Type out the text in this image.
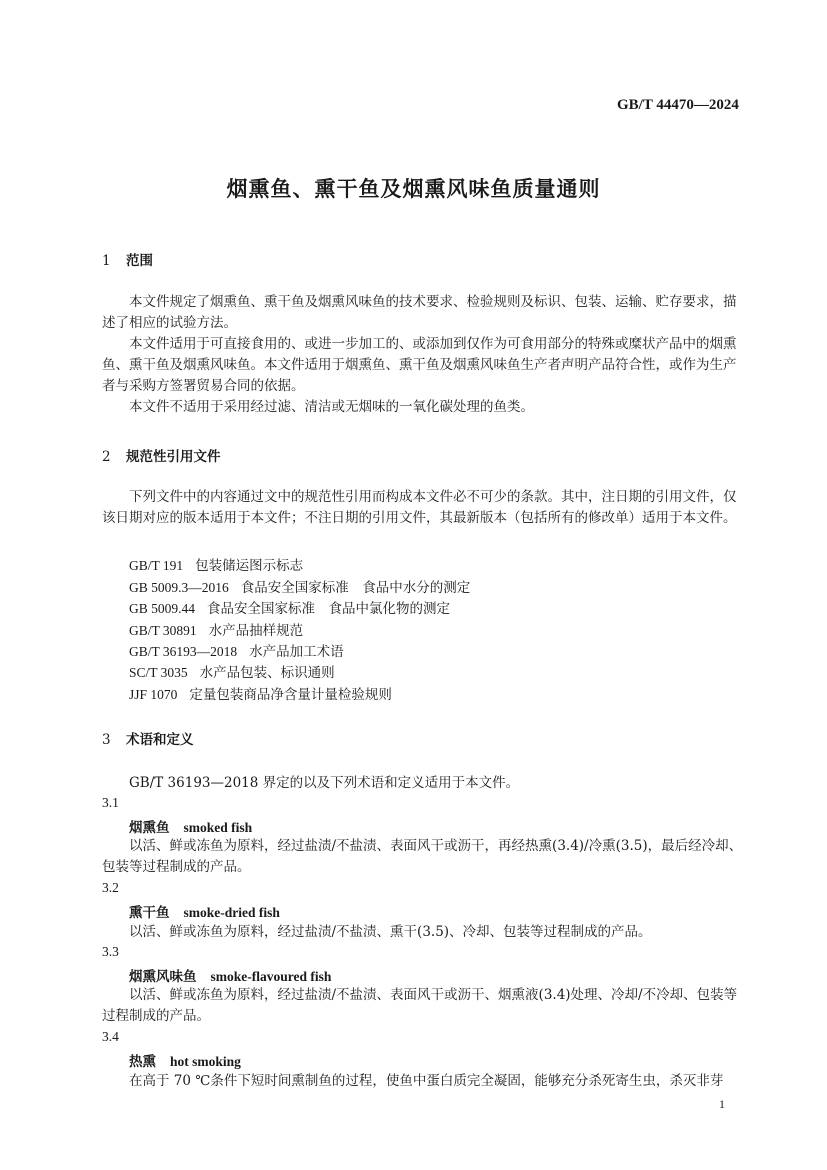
GB/T 44470—2024
烟熏鱼、熏干鱼及烟熏风味鱼质量通则
1 范围
本文件规定了烟熏鱼、熏干鱼及烟熏风味鱼的技术要求、检验规则及标识、包装、运输、贮存要求，描述了相应的试验方法。
本文件适用于可直接食用的、或进一步加工的、或添加到仅作为可食用部分的特殊或糜状产品中的烟熏鱼、熏干鱼及烟熏风味鱼。本文件适用于烟熏鱼、熏干鱼及烟熏风味鱼生产者声明产品符合性，或作为生产者与采购方签署贸易合同的依据。
本文件不适用于采用经过滤、清洁或无烟味的一氧化碳处理的鱼类。
2 规范性引用文件
下列文件中的内容通过文中的规范性引用而构成本文件必不可少的条款。其中，注日期的引用文件，仅该日期对应的版本适用于本文件；不注日期的引用文件，其最新版本（包括所有的修改单）适用于本文件。
GB/T 191 包装储运图示标志
GB 5009.3—2016 食品安全国家标准　食品中水分的测定
GB 5009.44 食品安全国家标准　食品中氯化物的测定
GB/T 30891 水产品抽样规范
GB/T 36193—2018 水产品加工术语
SC/T 3035 水产品包装、标识通则
JJF 1070 定量包装商品净含量计量检验规则
3 术语和定义
GB/T 36193—2018 界定的以及下列术语和定义适用于本文件。
3.1
烟熏鱼 smoked fish
以活、鲜或冻鱼为原料，经过盐渍/不盐渍、表面风干或沥干，再经热熏(3.4)/冷熏(3.5)，最后经冷却、包装等过程制成的产品。
3.2
熏干鱼 smoke-dried fish
以活、鲜或冻鱼为原料，经过盐渍/不盐渍、熏干(3.5)、冷却、包装等过程制成的产品。
3.3
烟熏风味鱼 smoke-flavoured fish
以活、鲜或冻鱼为原料，经过盐渍/不盐渍、表面风干或沥干、烟熏液(3.4)处理、冷却/不冷却、包装等过程制成的产品。
3.4
热熏 hot smoking
在高于 70 ℃条件下短时间熏制鱼的过程，使鱼中蛋白质完全凝固，能够充分杀死寄生虫，杀灭非芽
1
